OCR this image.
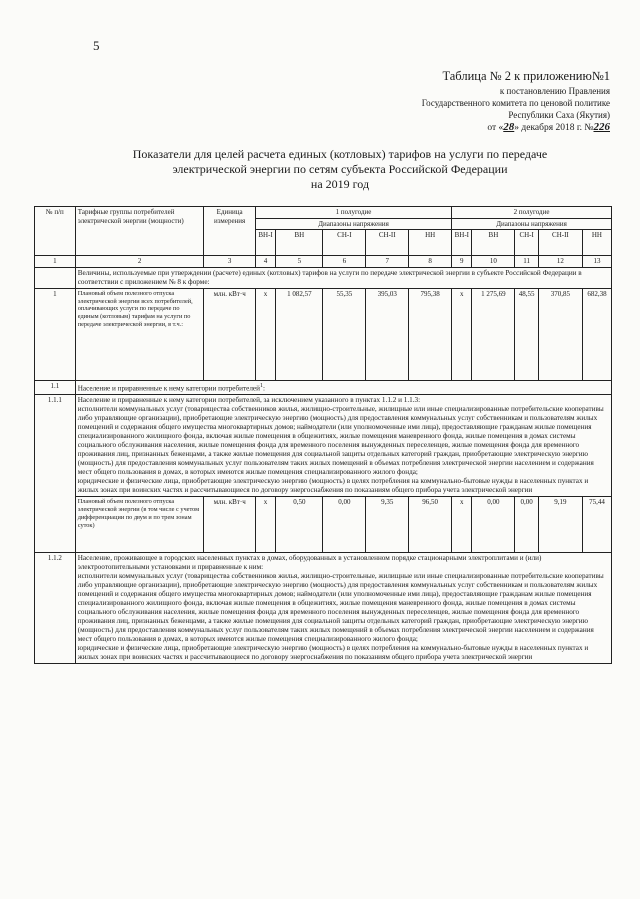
5
Таблица № 2 к приложению№1
к постановлению Правления
Государственного комитета по ценовой политике
Республики Саха (Якутия)
от «28» декабря 2018 г. №226
Показатели для целей расчета единых (котловых) тарифов на услуги по передаче
электрической энергии по сетям субъекта Российской Федерации
на 2019 год
№ п/п	Тарифные группы потребителей электрической энергии (мощности)	Единица измерения	1 полугодие					2 полугодие				
			Диапазоны напряжения					Диапазоны напряжения				
			ВН-I	ВН	СН-I	СН-II	НН	ВН-I	ВН	СН-I	СН-II	НН
1	2	3	4	5	6	7	8	9	10	11	12	13
	Величины, используемые при утверждении (расчете) единых (котловых) тарифов на услуги по передаче электрической энергии в субъекте Российской Федерации в соответствии с приложением № 8 к форме:											
1	Плановый объем полезного отпуска электрической энергии всех потребителей, оплачивающих услуги по передаче по единым (котловым) тарифам на услуги по передаче электрической энергии, в т.ч.:	млн. кВт·ч	х	1 082,57	55,35	395,03	795,38	х	1 275,69	48,55	370,85	682,38
1.1	Население и приравненные к нему категории потребителей$^1$:											
1.1.1	Население и приравненные к нему категории потребителей, за исключением указанного в пунктах 1.1.2 и 1.1.3:

исполнители коммунальных услуг (товарищества собственников жилья, жилищно-строительные, жилищные или иные специализированные потребительские кооперативы либо управляющие организации), приобретающие электрическую энергию (мощность) для предоставления коммунальных услуг собственникам и пользователям жилых помещений и содержания общего имущества многоквартирных домов; наймодатели (или уполномоченные ими лица), предоставляющие гражданам жилые помещения специализированного жилищного фонда, включая жилые помещения в общежитиях, жилые помещения маневренного фонда, жилые помещения в домах системы социального обслуживания населения, жилые помещения фонда для временного поселения вынужденных переселенцев, жилые помещения фонда для временного проживания лиц, признанных беженцами, а также жилые помещения для социальной защиты отдельных категорий граждан, приобретающие электрическую энергию (мощность) для предоставления коммунальных услуг пользователям таких жилых помещений в объемах потребления электрической энергии населением и содержания мест общего пользования в домах, в которых имеются жилые помещения специализированного жилого фонда;

юридические и физические лица, приобретающие электрическую энергию (мощность) в целях потребления на коммунально-бытовые нужды в населенных пунктах и жилых зонах при воинских частях и рассчитывающиеся по договору энергоснабжения по показаниям общего прибора учета электрической энергии											

	Плановый объем полезного отпуска электрической энергии (в том числе с учетом дифференциации по двум и по трем зонам суток)	млн. кВт·ч	х	0,50	0,00	9,35	96,50	х	0,00	0,00	9,19	75,44
1.1.2	Население, проживающее в городских населенных пунктах в домах, оборудованных в установленном порядке стационарными электроплитами и (или) электроотопительными установками и приравненные к ним:

исполнители коммунальных услуг (товарищества собственников жилья, жилищно-строительные, жилищные или иные специализированные потребительские кооперативы либо управляющие организации), приобретающие электрическую энергию (мощность) для предоставления коммунальных услуг собственникам и пользователям жилых помещений и содержания общего имущества многоквартирных домов; наймодатели (или уполномоченные ими лица), предоставляющие гражданам жилые помещения специализированного жилищного фонда, включая жилые помещения в общежитиях, жилые помещения маневренного фонда, жилые помещения в домах системы социального обслуживания населения, жилые помещения фонда для временного поселения вынужденных переселенцев, жилые помещения фонда для временного проживания лиц, признанных беженцами, а также жилые помещения для социальной защиты отдельных категорий граждан, приобретающие электрическую энергию (мощность) для предоставления коммунальных услуг пользователям таких жилых помещений в объемах потребления электрической энергии населением и содержания мест общего пользования в домах, в которых имеются жилые помещения специализированного жилого фонда;

юридические и физические лица, приобретающие электрическую энергию (мощность) в целях потребления на коммунально-бытовые нужды в населенных пунктах и жилых зонах при воинских частях и рассчитывающиеся по договору энергоснабжения по показаниям общего прибора учета электрической энергии											
